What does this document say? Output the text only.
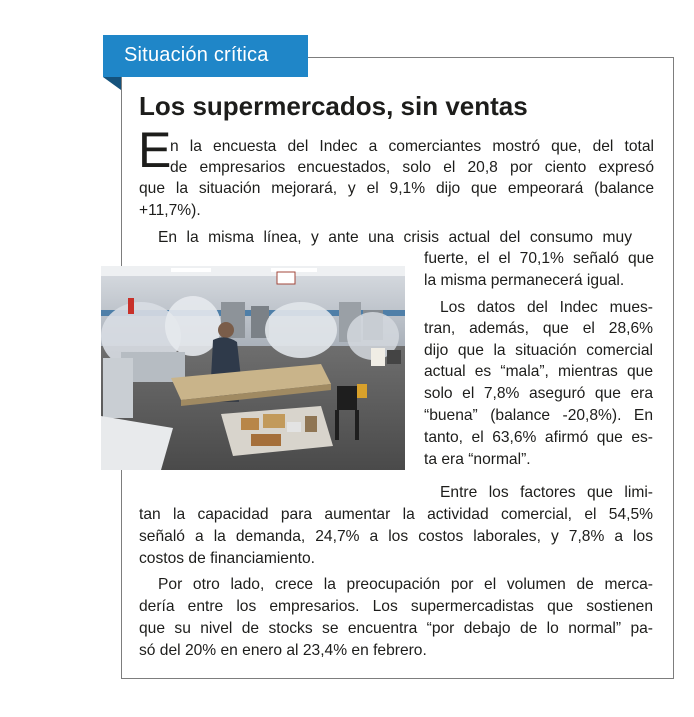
Situación crítica
Los supermercados, sin ventas
E
n la encuesta del Indec a comerciantes mostró que, del total
de empresarios encuestados, solo el 20,8 por ciento expresó
que la situación mejorará, y el 9,1% dijo que empeorará (balance
+11,7%).
En la misma línea, y ante una crisis actual del consumo muy
fuerte, el el 70,1% señaló que
la misma permanecerá igual.
Los datos del Indec mues-
tran, además, que el 28,6%
dijo que la situación comercial
actual es “mala”, mientras que
solo el 7,8% aseguró que era
“buena” (balance -20,8%). En
tanto, el 63,6% afirmó que es-
ta era “normal”.
Entre los factores que limi-
tan la capacidad para aumentar la actividad comercial, el 54,5%
señaló a la demanda, 24,7% a los costos laborales, y 7,8% a los
costos de financiamiento.
Por otro lado, crece la preocupación por el volumen de merca-
dería entre los empresarios. Los supermercadistas que sostienen
que su nivel de stocks se encuentra “por debajo de lo normal” pa-
só del 20% en enero al 23,4% en febrero.
